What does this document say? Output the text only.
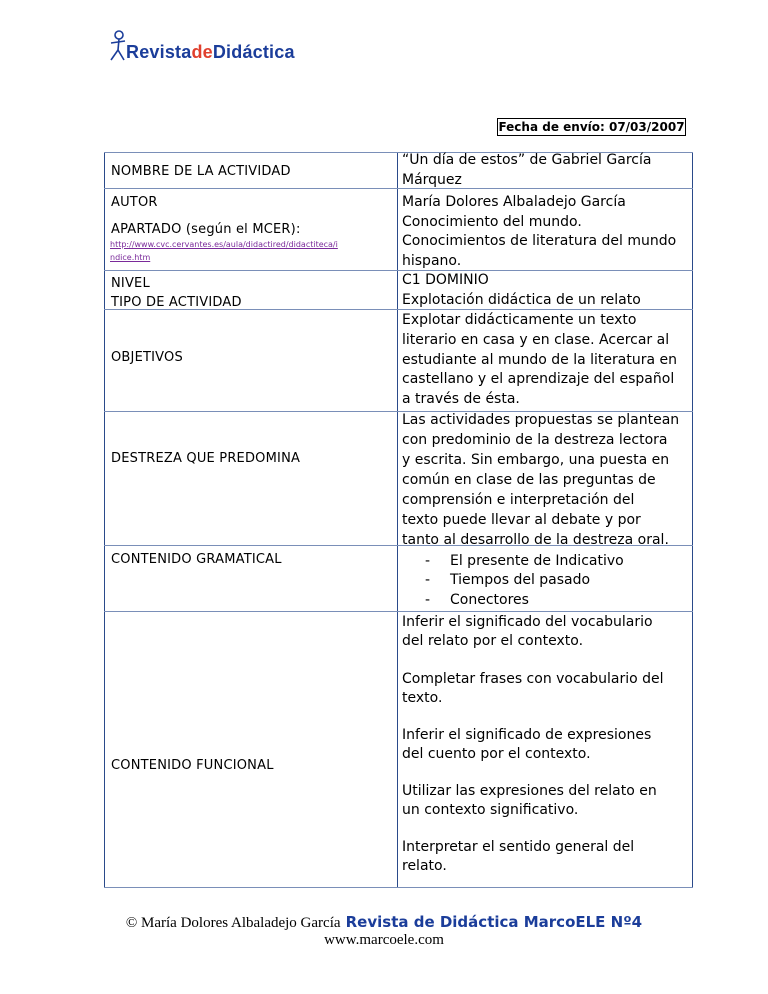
RevistadeDidáctica
Fecha de envío: 07/03/2007
NOMBRE DE LA ACTIVIDAD
AUTOR
APARTADO (según el MCER):
http://www.cvc.cervantes.es/aula/didactired/didactiteca/i
ndice.htm
NIVEL
TIPO DE ACTIVIDAD
OBJETIVOS
DESTREZA QUE PREDOMINA
CONTENIDO GRAMATICAL
CONTENIDO FUNCIONAL
“Un día de estos” de Gabriel García
Márquez
María Dolores Albaladejo García
Conocimiento del mundo.
Conocimientos de literatura del mundo
hispano.
C1 DOMINIO
Explotación didáctica de un relato
Explotar didácticamente un texto
literario en casa y en clase. Acercar al
estudiante al mundo de la literatura en
castellano y el aprendizaje del español
a través de ésta.
Las actividades propuestas se plantean
con predominio de la destreza lectora
y escrita. Sin embargo, una puesta en
común en clase de las preguntas de
comprensión e interpretación del
texto puede llevar al debate y por
tanto al desarrollo de la destreza oral.
- El presente de Indicativo
- Tiempos del pasado
- Conectores
Inferir el significado del vocabulario
del relato por el contexto.
Completar frases con vocabulario del
texto.
Inferir el significado de expresiones
del cuento por el contexto.
Utilizar las expresiones del relato en
un contexto significativo.
Interpretar el sentido general del
relato.
© María Dolores Albaladejo García Revista de Didáctica MarcoELE Nº4
www.marcoele.com
